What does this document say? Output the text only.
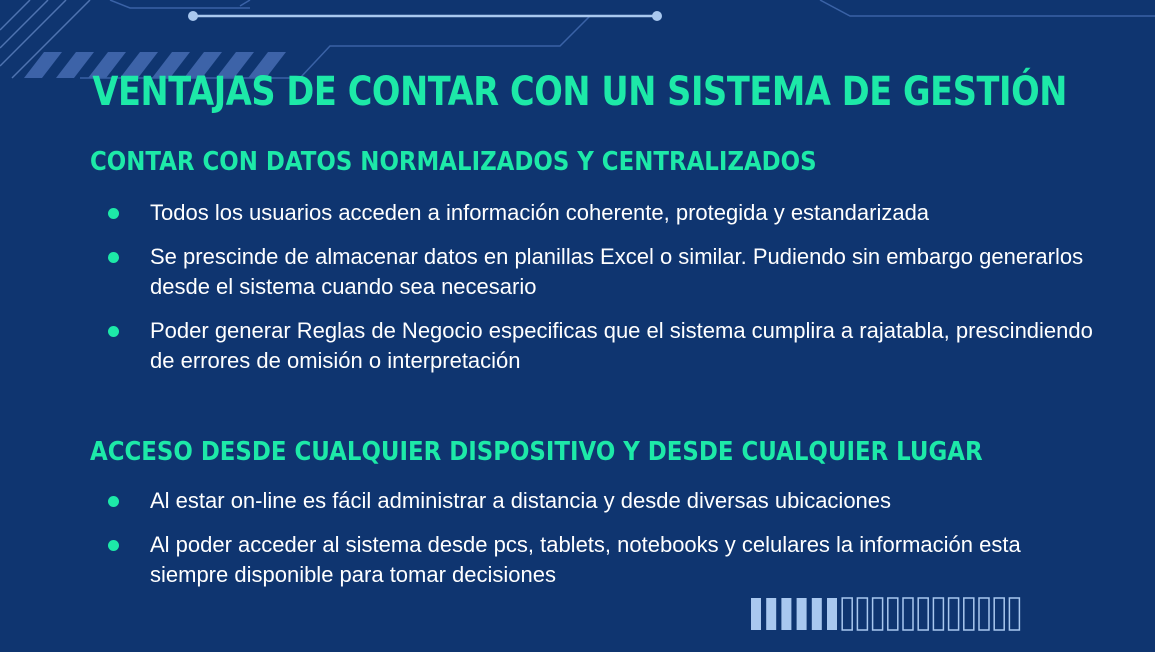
VENTAJAS DE CONTAR CON UN SISTEMA DE GESTIÓN
CONTAR CON DATOS NORMALIZADOS Y CENTRALIZADOS
Todos los usuarios acceden a información coherente, protegida y estandarizada
Se prescinde de almacenar datos en planillas Excel o similar. Pudiendo sin embargo generarlos desde el sistema cuando sea necesario
Poder generar Reglas de Negocio especificas que el sistema cumplira a rajatabla, prescindiendo de errores de omisión o interpretación
ACCESO DESDE CUALQUIER DISPOSITIVO Y DESDE CUALQUIER LUGAR
Al estar on-line es fácil administrar a distancia y desde diversas ubicaciones
Al poder acceder al sistema desde pcs, tablets, notebooks y celulares la información esta siempre disponible para tomar decisiones
